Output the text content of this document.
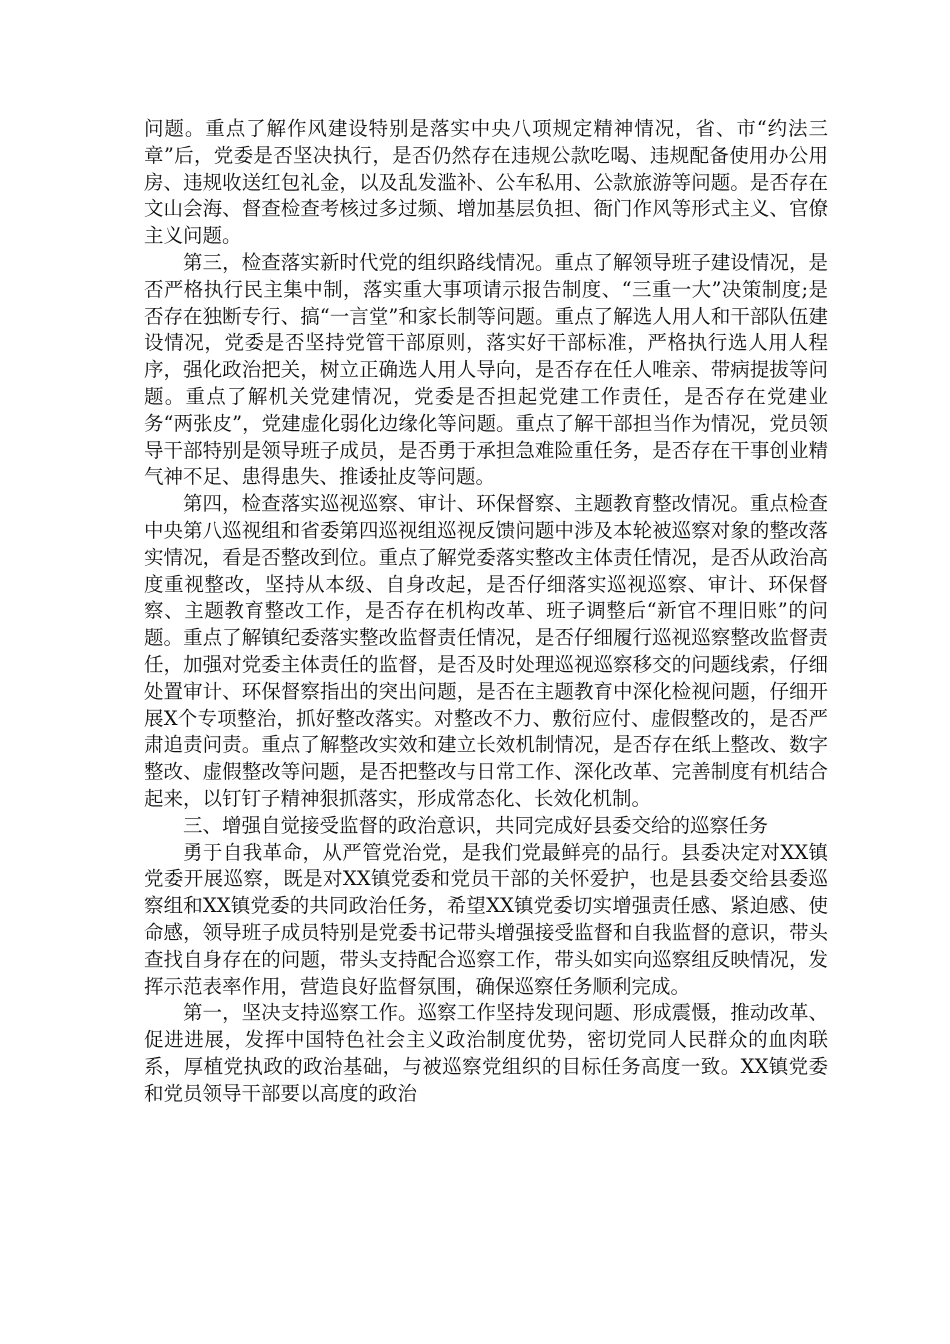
问题。重点了解作风建设特别是落实中央八项规定精神情况，省、市“约法三章”后，党委是否坚决执行，是否仍然存在违规公款吃喝、违规配备使用办公用房、违规收送红包礼金，以及乱发滥补、公车私用、公款旅游等问题。是否存在文山会海、督查检查考核过多过频、增加基层负担、衙门作风等形式主义、官僚主义问题。

第三，检查落实新时代党的组织路线情况。重点了解领导班子建设情况，是否严格执行民主集中制，落实重大事项请示报告制度、“三重一大”决策制度;是否存在独断专行、搞“一言堂”和家长制等问题。重点了解选人用人和干部队伍建设情况，党委是否坚持党管干部原则，落实好干部标准，严格执行选人用人程序，强化政治把关，树立正确选人用人导向，是否存在任人唯亲、带病提拔等问题。重点了解机关党建情况，党委是否担起党建工作责任，是否存在党建业务“两张皮”，党建虚化弱化边缘化等问题。重点了解干部担当作为情况，党员领导干部特别是领导班子成员，是否勇于承担急难险重任务，是否存在干事创业精气神不足、患得患失、推诿扯皮等问题。

第四，检查落实巡视巡察、审计、环保督察、主题教育整改情况。重点检查中央第八巡视组和省委第四巡视组巡视反馈问题中涉及本轮被巡察对象的整改落实情况，看是否整改到位。重点了解党委落实整改主体责任情况，是否从政治高度重视整改，坚持从本级、自身改起，是否仔细落实巡视巡察、审计、环保督察、主题教育整改工作，是否存在机构改革、班子调整后“新官不理旧账”的问题。重点了解镇纪委落实整改监督责任情况，是否仔细履行巡视巡察整改监督责任，加强对党委主体责任的监督，是否及时处理巡视巡察移交的问题线索，仔细处置审计、环保督察指出的突出问题，是否在主题教育中深化检视问题，仔细开展X个专项整治，抓好整改落实。对整改不力、敷衍应付、虚假整改的，是否严肃追责问责。重点了解整改实效和建立长效机制情况，是否存在纸上整改、数字整改、虚假整改等问题，是否把整改与日常工作、深化改革、完善制度有机结合起来，以钉钉子精神狠抓落实，形成常态化、长效化机制。

三、增强自觉接受监督的政治意识，共同完成好县委交给的巡察任务

勇于自我革命，从严管党治党，是我们党最鲜亮的品行。县委决定对XX镇党委开展巡察，既是对XX镇党委和党员干部的关怀爱护，也是县委交给县委巡察组和XX镇党委的共同政治任务，希望XX镇党委切实增强责任感、紧迫感、使命感，领导班子成员特别是党委书记带头增强接受监督和自我监督的意识，带头查找自身存在的问题，带头支持配合巡察工作，带头如实向巡察组反映情况，发挥示范表率作用，营造良好监督氛围，确保巡察任务顺利完成。

第一，坚决支持巡察工作。巡察工作坚持发现问题、形成震慑，推动改革、促进进展，发挥中国特色社会主义政治制度优势，密切党同人民群众的血肉联系，厚植党执政的政治基础，与被巡察党组织的目标任务高度一致。XX镇党委和党员领导干部要以高度的政治
